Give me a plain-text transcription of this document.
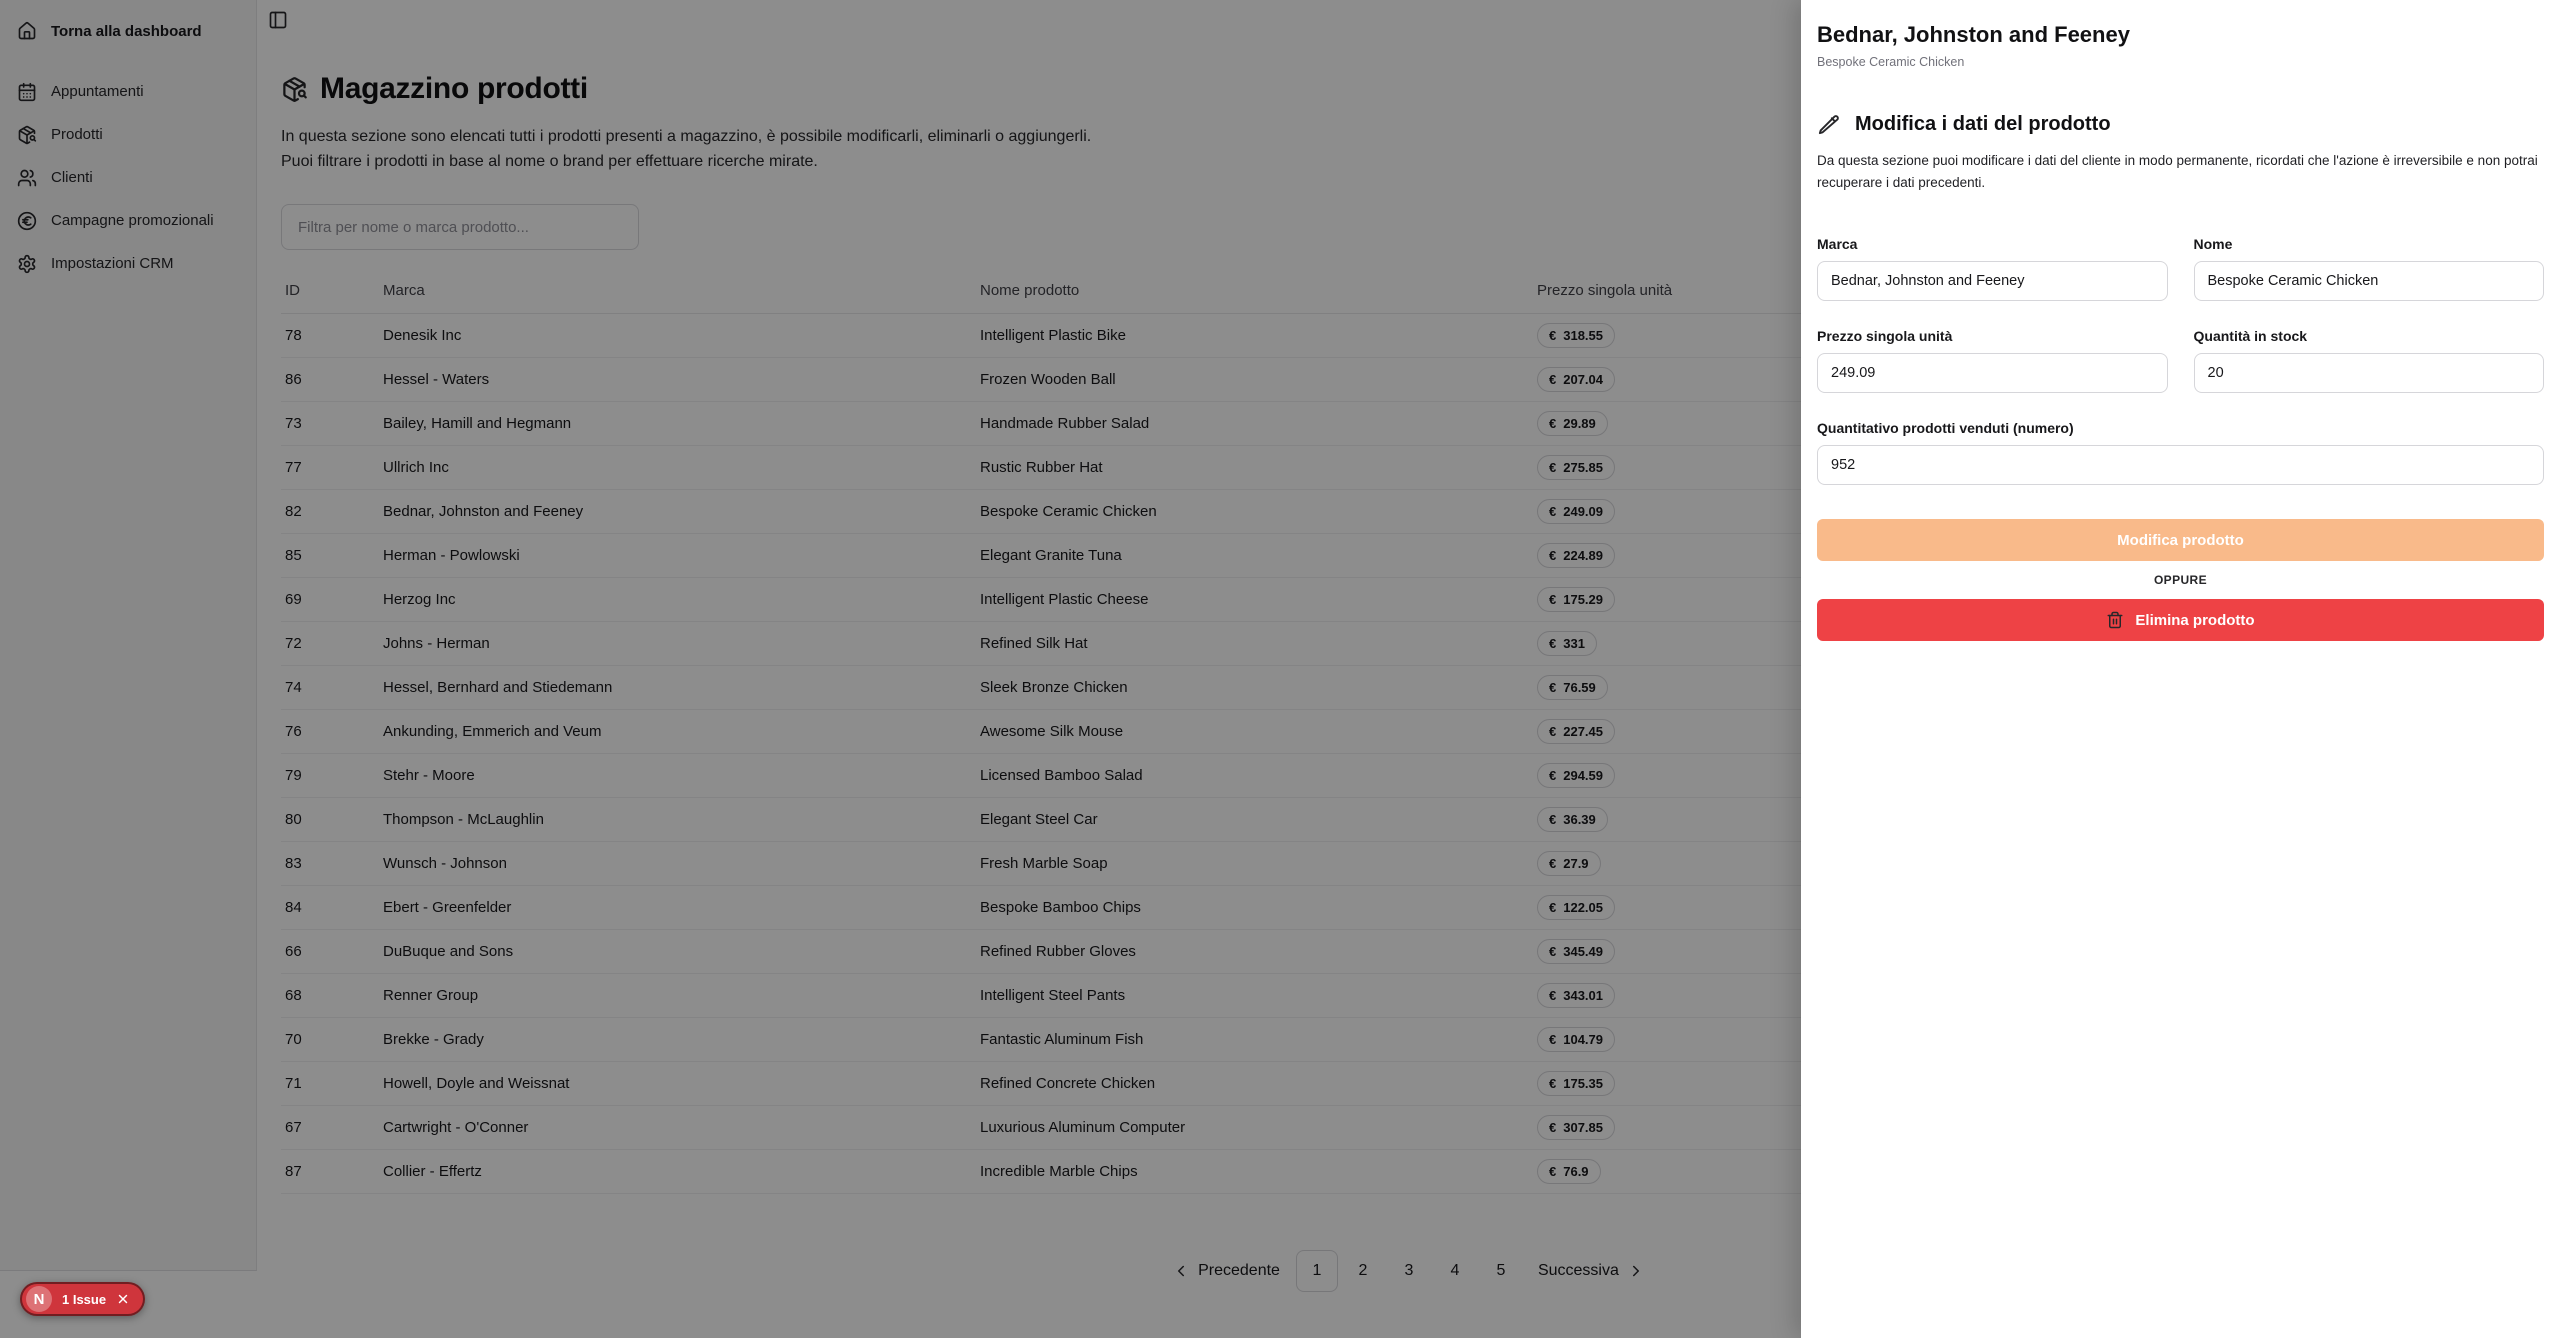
Torna alla dashboard
Appuntamenti
Prodotti
Clienti
Campagne promozionali
Impostazioni CRM
Magazzino prodotti

In questa sezione sono elencati tutti i prodotti presenti a magazzino, è possibile modificarli, eliminarli o aggiungerli.
Puoi filtrare i prodotti in base al nome o brand per effettuare ricerche mirate.

Filtra per nome o marca prodotto...
ID	Marca	Nome prodotto	Prezzo singola unità
78	Denesik Inc	Intelligent Plastic Bike	€ 318.55

86	Hessel - Waters	Frozen Wooden Ball	€ 207.04

73	Bailey, Hamill and Hegmann	Handmade Rubber Salad	€ 29.89

77	Ullrich Inc	Rustic Rubber Hat	€ 275.85

82	Bednar, Johnston and Feeney	Bespoke Ceramic Chicken	€ 249.09

85	Herman - Powlowski	Elegant Granite Tuna	€ 224.89

69	Herzog Inc	Intelligent Plastic Cheese	€ 175.29

72	Johns - Herman	Refined Silk Hat	€ 331

74	Hessel, Bernhard and Stiedemann	Sleek Bronze Chicken	€ 76.59

76	Ankunding, Emmerich and Veum	Awesome Silk Mouse	€ 227.45

79	Stehr - Moore	Licensed Bamboo Salad	€ 294.59

80	Thompson - McLaughlin	Elegant Steel Car	€ 36.39

83	Wunsch - Johnson	Fresh Marble Soap	€ 27.9

84	Ebert - Greenfelder	Bespoke Bamboo Chips	€ 122.05

66	DuBuque and Sons	Refined Rubber Gloves	€ 345.49

68	Renner Group	Intelligent Steel Pants	€ 343.01

70	Brekke - Grady	Fantastic Aluminum Fish	€ 104.79

71	Howell, Doyle and Weissnat	Refined Concrete Chicken	€ 175.35

67	Cartwright - O'Conner	Luxurious Aluminum Computer	€ 307.85

87	Collier - Effertz	Incredible Marble Chips	€ 76.9
Precedente	1	2	3	4	5	Successiva
Bednar, Johnston and Feeney
Bespoke Ceramic Chicken
Modifica i dati del prodotto

Da questa sezione puoi modificare i dati del cliente in modo permanente, ricordati che l'azione è irreversibile e non potrai recuperare i dati precedenti.

Marca
Bednar, Johnston and Feeney	Nome
Bespoke Ceramic Chicken
Prezzo singola unità
249.09	Quantità in stock
20
Quantitativo prodotti venduti (numero)
952
Modifica prodotto
OPPURE
Elimina prodotto
N	1 Issue
